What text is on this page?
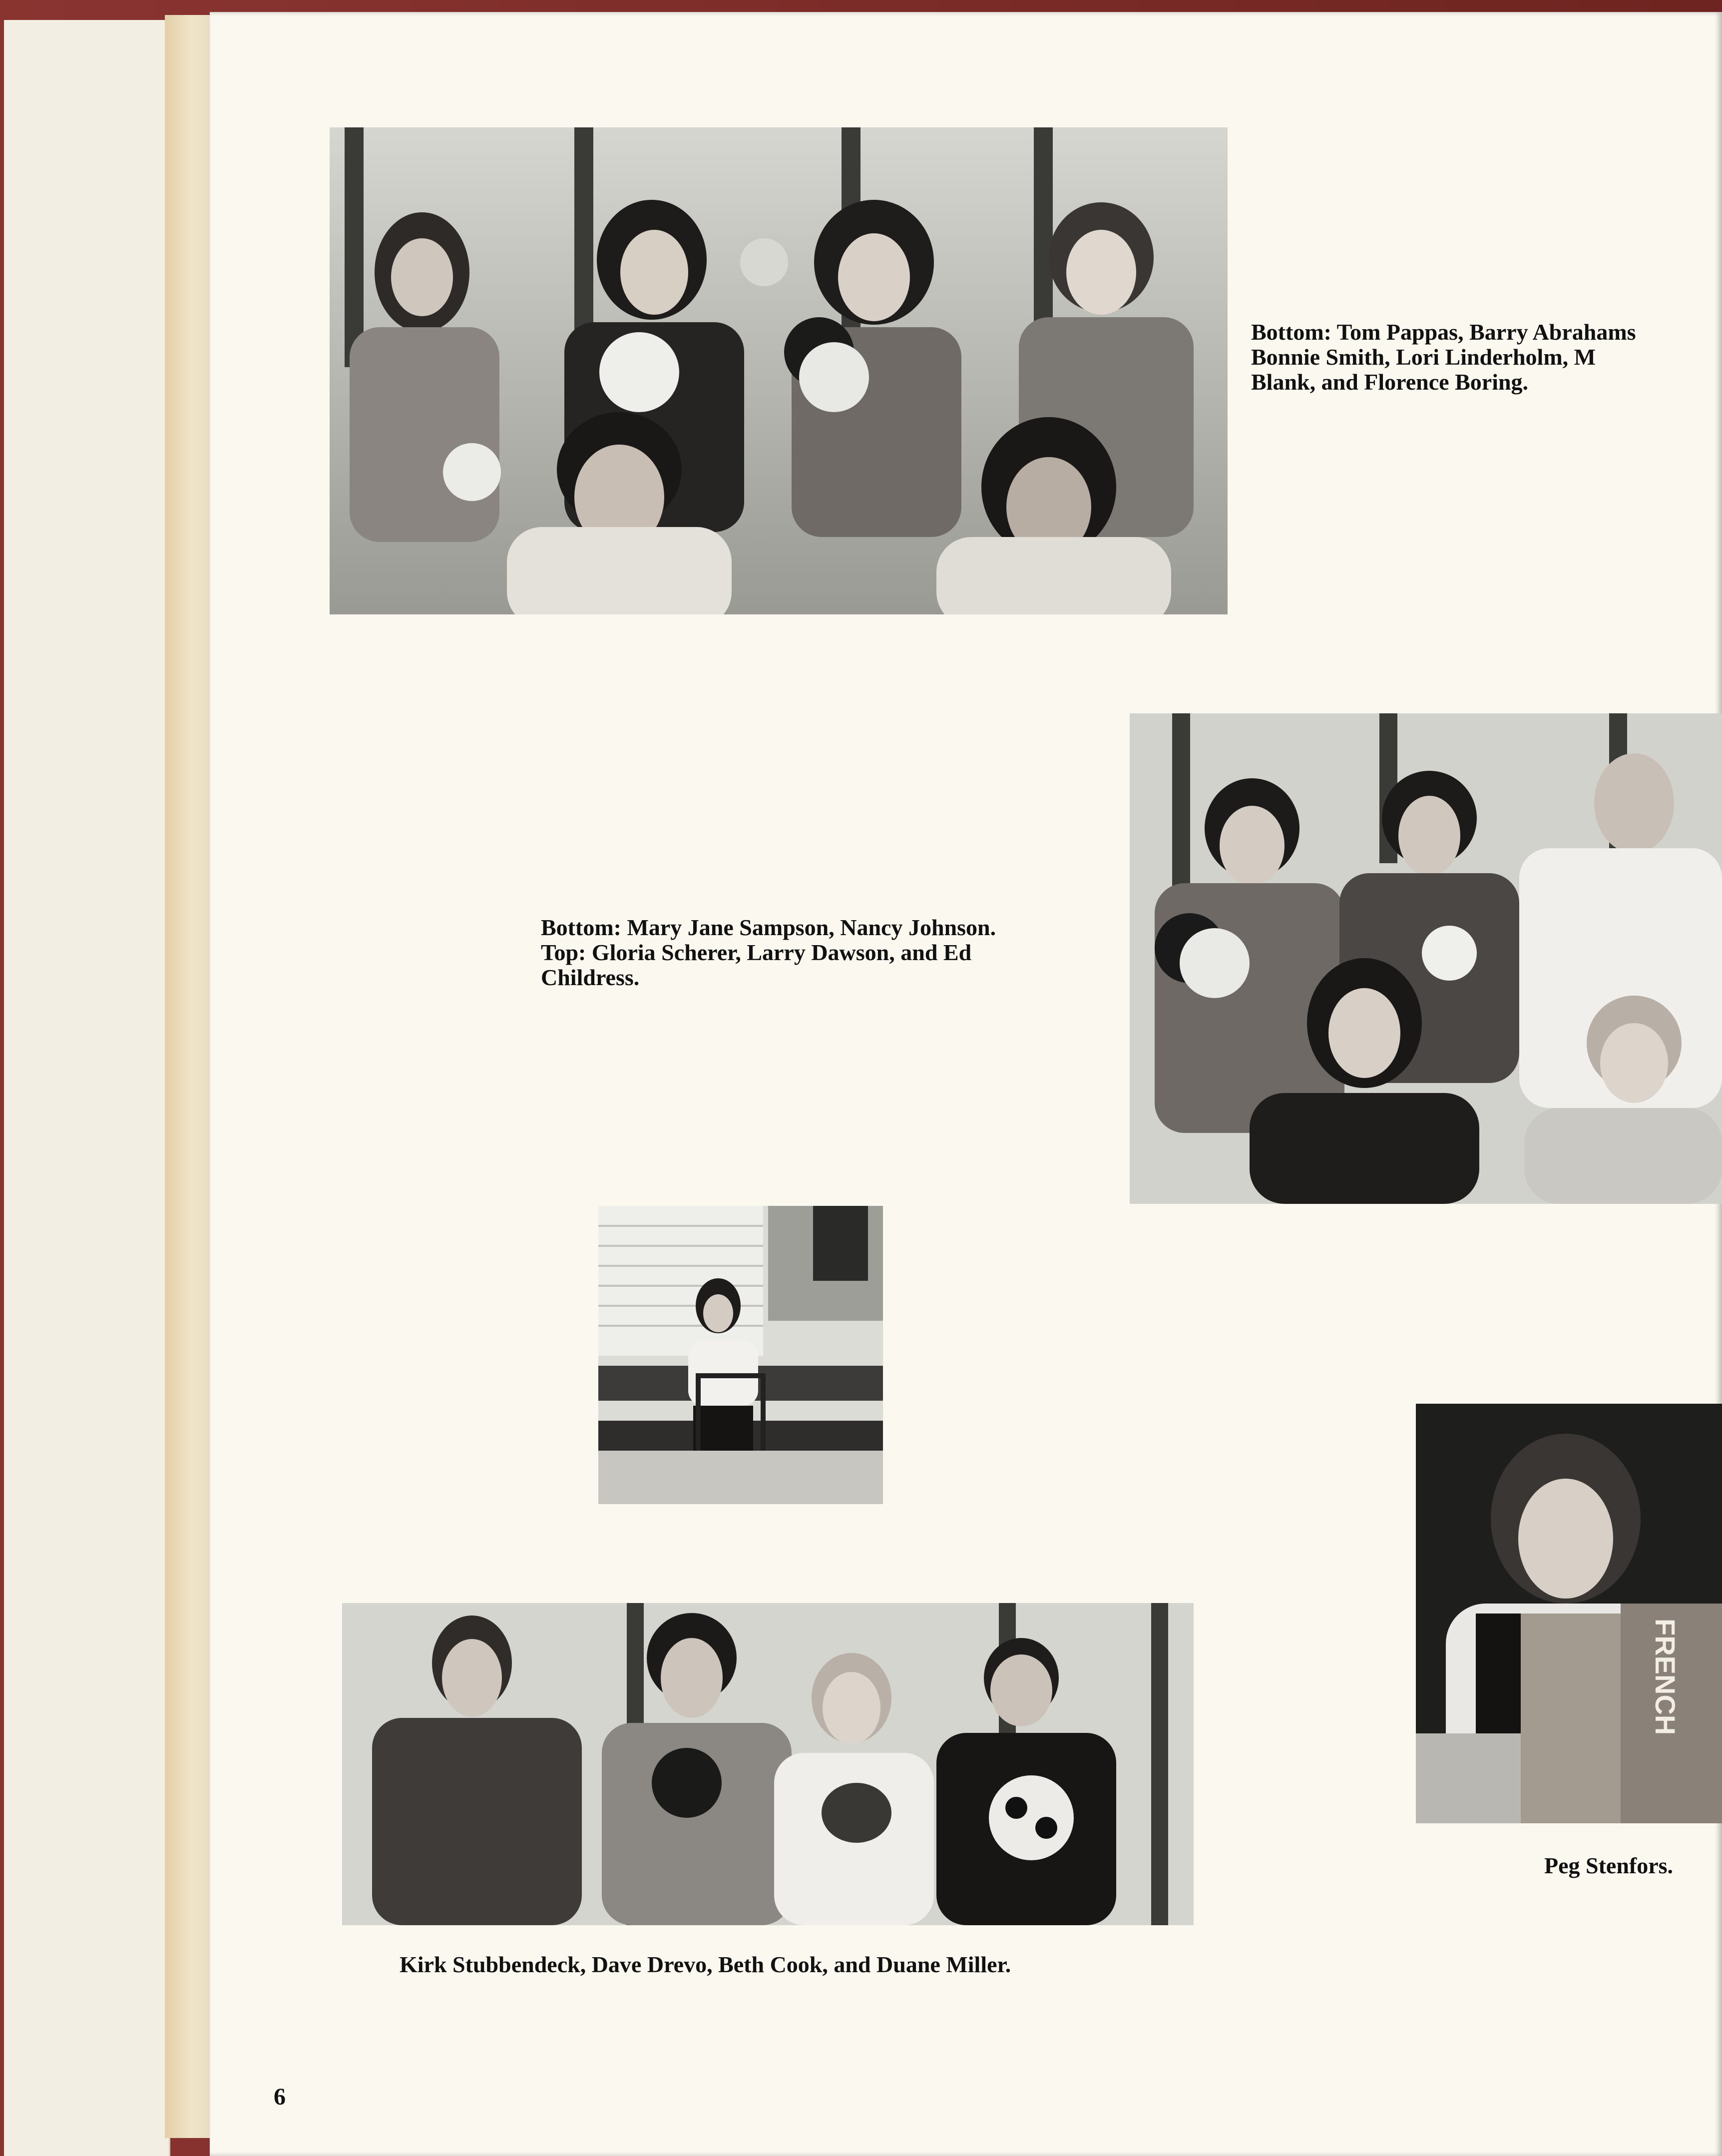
Bottom: Tom Pappas, Barry Abrahams
Bonnie Smith, Lori Linderholm, M
Blank, and Florence Boring.
Bottom: Mary Jane Sampson, Nancy Johnson.
Top: Gloria Scherer, Larry Dawson, and Ed
Childress.
Kirk Stubbendeck, Dave Drevo, Beth Cook, and Duane Miller.
FRENCH
Peg Stenfors.
6
